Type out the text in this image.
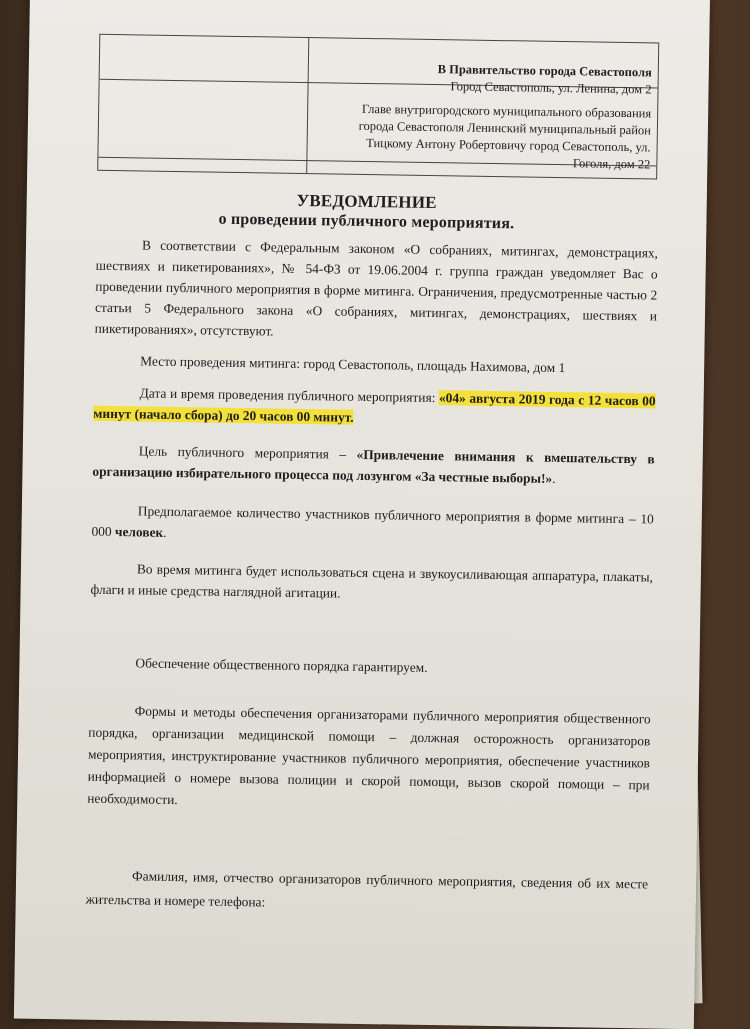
В Правительство города Севастополя
Город Севастополь, ул. Ленина, дом 2
Главе внутригородского муниципального образования
города Севастополя Ленинский муниципальный район
Тицкому Антону Робертовичу город Севастополь, ул.
Гоголя, дом 22
УВЕДОМЛЕНИЕ
о проведении публичного мероприятия.

В соответствии с Федеральным законом «О собраниях, митингах, демонстрациях, шествиях и пикетированиях», № 54-ФЗ от 19.06.2004 г. группа граждан уведомляет Вас о проведении публичного мероприятия в форме митинга. Ограничения, предусмотренные частью 2 статьи 5 Федерального закона «О собраниях, митингах, демонстрациях, шествиях и пикетированиях», отсутствуют.

Место проведения митинга: город Севастополь, площадь Нахимова, дом 1

Дата и время проведения публичного мероприятия: «04» августа 2019 года с 12 часов 00 минут (начало сбора) до 20 часов 00 минут.

Цель публичного мероприятия – «Привлечение внимания к вмешательству в организацию избирательного процесса под лозунгом «За честные выборы!».

Предполагаемое количество участников публичного мероприятия в форме митинга – 10 000 человек.

Во время митинга будет использоваться сцена и звукоусиливающая аппаратура, плакаты, флаги и иные средства наглядной агитации.

Обеспечение общественного порядка гарантируем.

Формы и методы обеспечения организаторами публичного мероприятия общественного порядка, организации медицинской помощи – должная осторожность организаторов мероприятия, инструктирование участников публичного мероприятия, обеспечение участников информацией о номере вызова полиции и скорой помощи, вызов скорой помощи – при необходимости.

Фамилия, имя, отчество организаторов публичного мероприятия, сведения об их месте жительства и номере телефона:
